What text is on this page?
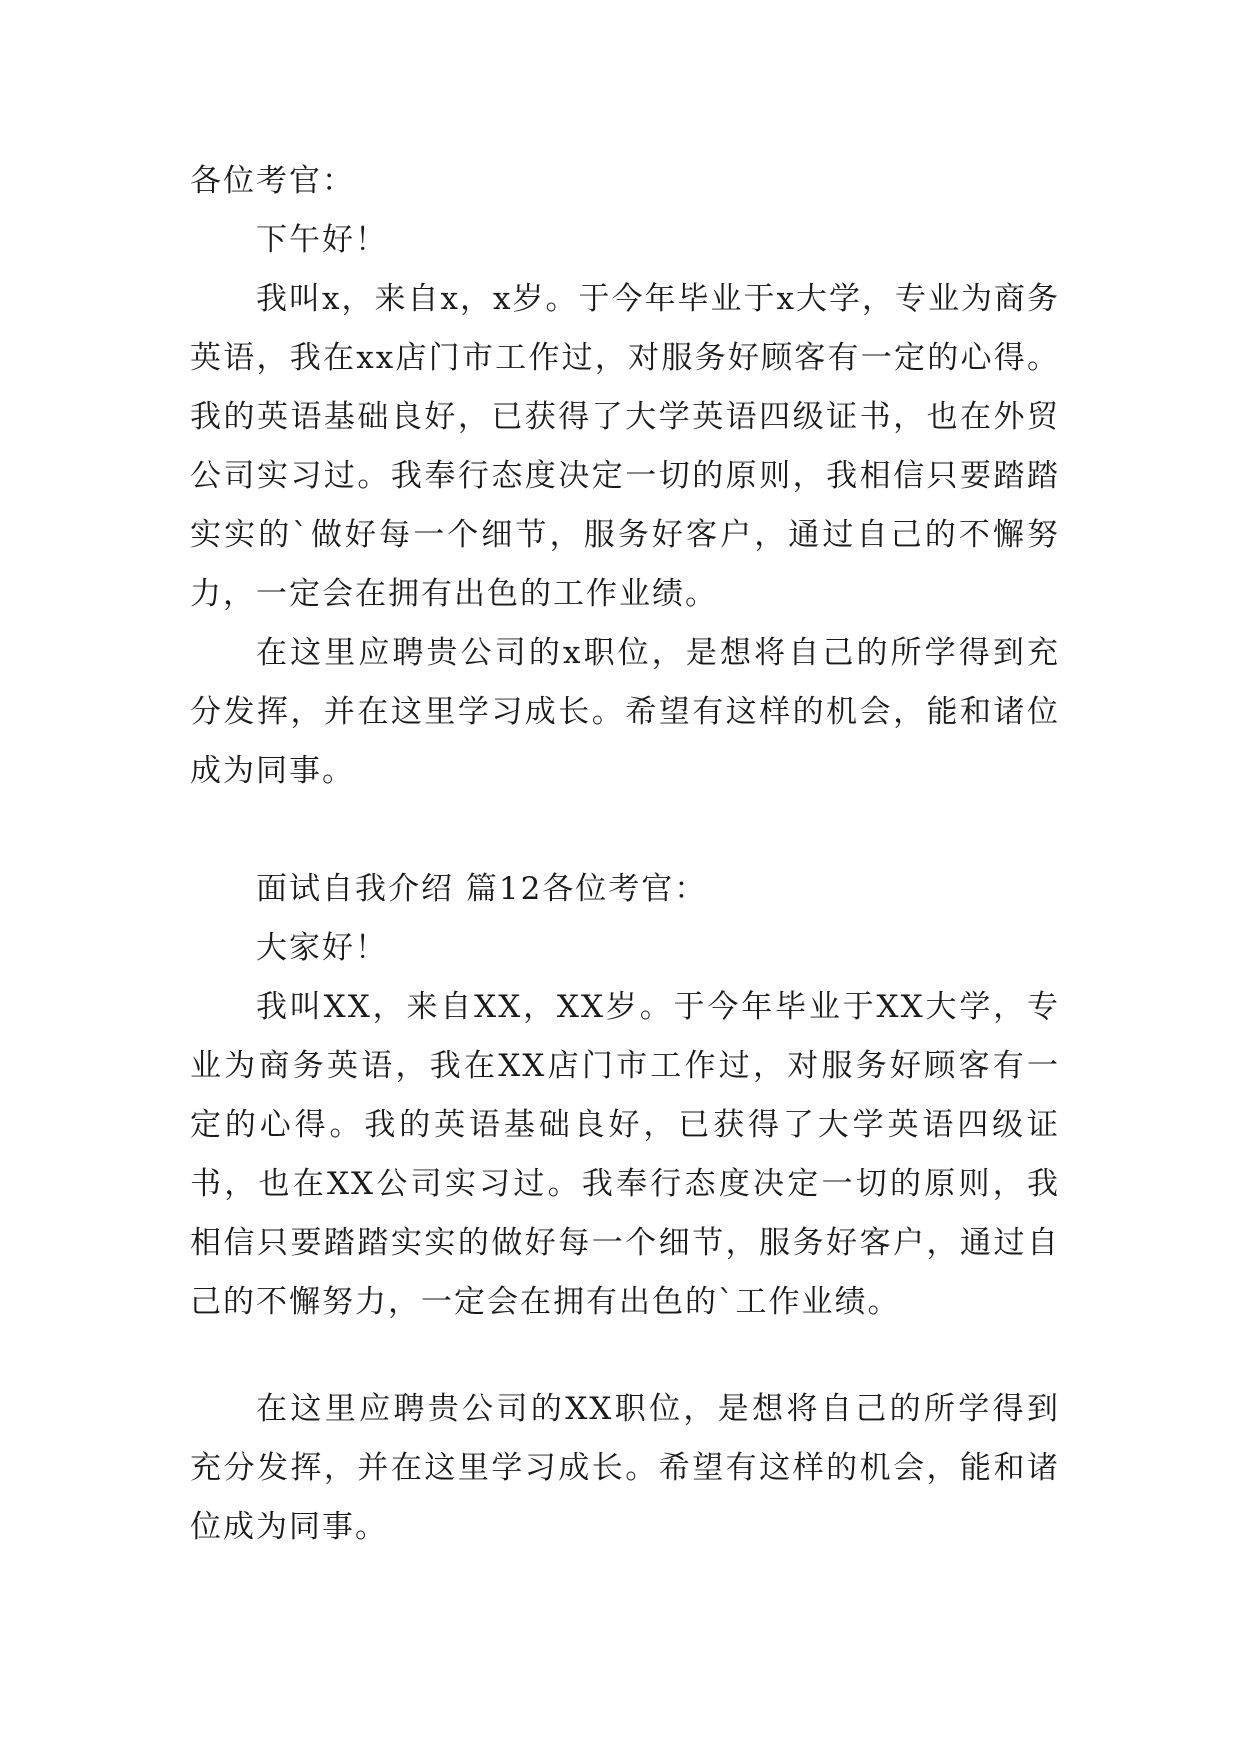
各位考官：

下午好！

我叫x，来自x，x岁。于今年毕业于x大学，专业为商务英语，我在xx店门市工作过，对服务好顾客有一定的心得。我的英语基础良好，已获得了大学英语四级证书，也在外贸公司实习过。我奉行态度决定一切的原则，我相信只要踏踏实实的`做好每一个细节，服务好客户，通过自己的不懈努力，一定会在拥有出色的工作业绩。

在这里应聘贵公司的x职位，是想将自己的所学得到充分发挥，并在这里学习成长。希望有这样的机会，能和诸位成为同事。

面试自我介绍 篇12各位考官：

大家好！

我叫XX，来自XX，XX岁。于今年毕业于XX大学，专业为商务英语，我在XX店门市工作过，对服务好顾客有一定的心得。我的英语基础良好，已获得了大学英语四级证书，也在XX公司实习过。我奉行态度决定一切的原则，我相信只要踏踏实实的做好每一个细节，服务好客户，通过自己的不懈努力，一定会在拥有出色的`工作业绩。

在这里应聘贵公司的XX职位，是想将自己的所学得到充分发挥，并在这里学习成长。希望有这样的机会，能和诸位成为同事。
